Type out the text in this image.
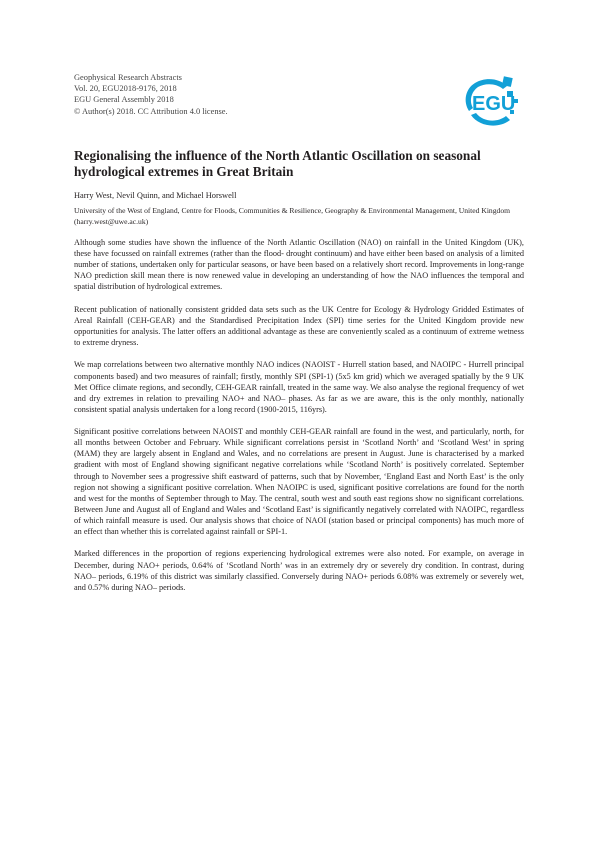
Geophysical Research Abstracts
Vol. 20, EGU2018-9176, 2018
EGU General Assembly 2018
© Author(s) 2018. CC Attribution 4.0 license.	EGU
Regionalising the influence of the North Atlantic Oscillation on seasonal hydrological extremes in Great Britain
Harry West, Nevil Quinn, and Michael Horswell
University of the West of England, Centre for Floods, Communities & Resilience, Geography & Environmental Management, United Kingdom (harry.west@uwe.ac.uk)

Although some studies have shown the influence of the North Atlantic Oscillation (NAO) on rainfall in the United Kingdom (UK), these have focussed on rainfall extremes (rather than the flood- drought continuum) and have either been based on analysis of a limited number of stations, undertaken only for particular seasons, or have been based on a relatively short record. Improvements in long-range NAO prediction skill mean there is now renewed value in developing an understanding of how the NAO influences the temporal and spatial distribution of hydrological extremes.

Recent publication of nationally consistent gridded data sets such as the UK Centre for Ecology & Hydrology Gridded Estimates of Areal Rainfall (CEH-GEAR) and the Standardised Precipitation Index (SPI) time series for the United Kingdom provide new opportunities for analysis. The latter offers an additional advantage as these are conveniently scaled as a continuum of extreme wetness to extreme dryness.

We map correlations between two alternative monthly NAO indices (NAOIST - Hurrell station based, and NAOIPC - Hurrell principal components based) and two measures of rainfall; firstly, monthly SPI (SPI-1) (5x5 km grid) which we averaged spatially by the 9 UK Met Office climate regions, and secondly, CEH-GEAR rainfall, treated in the same way. We also analyse the regional frequency of wet and dry extremes in relation to prevailing NAO+ and NAO– phases. As far as we are aware, this is the only monthly, nationally consistent spatial analysis undertaken for a long record (1900-2015, 116yrs).

Significant positive correlations between NAOIST and monthly CEH-GEAR rainfall are found in the west, and particularly, north, for all months between October and February. While significant correlations persist in ‘Scotland North’ and ‘Scotland West’ in spring (MAM) they are largely absent in England and Wales, and no correlations are present in August. June is characterised by a marked gradient with most of England showing significant negative correlations while ‘Scotland North’ is positively correlated. September through to November sees a progressive shift eastward of patterns, such that by November, ‘England East and North East’ is the only region not showing a significant positive correlation. When NAOIPC is used, significant positive correlations are found for the north and west for the months of September through to May. The central, south west and south east regions show no significant correlations. Between June and August all of England and Wales and ‘Scotland East’ is significantly negatively correlated with NAOIPC, regardless of which rainfall measure is used. Our analysis shows that choice of NAOI (station based or principal components) has much more of an effect than whether this is correlated against rainfall or SPI-1.

Marked differences in the proportion of regions experiencing hydrological extremes were also noted. For example, on average in December, during NAO+ periods, 0.64% of ‘Scotland North’ was in an extremely dry or severely dry condition. In contrast, during NAO– periods, 6.19% of this district was similarly classified. Conversely during NAO+ periods 6.08% was extremely or severely wet, and 0.57% during NAO– periods.
